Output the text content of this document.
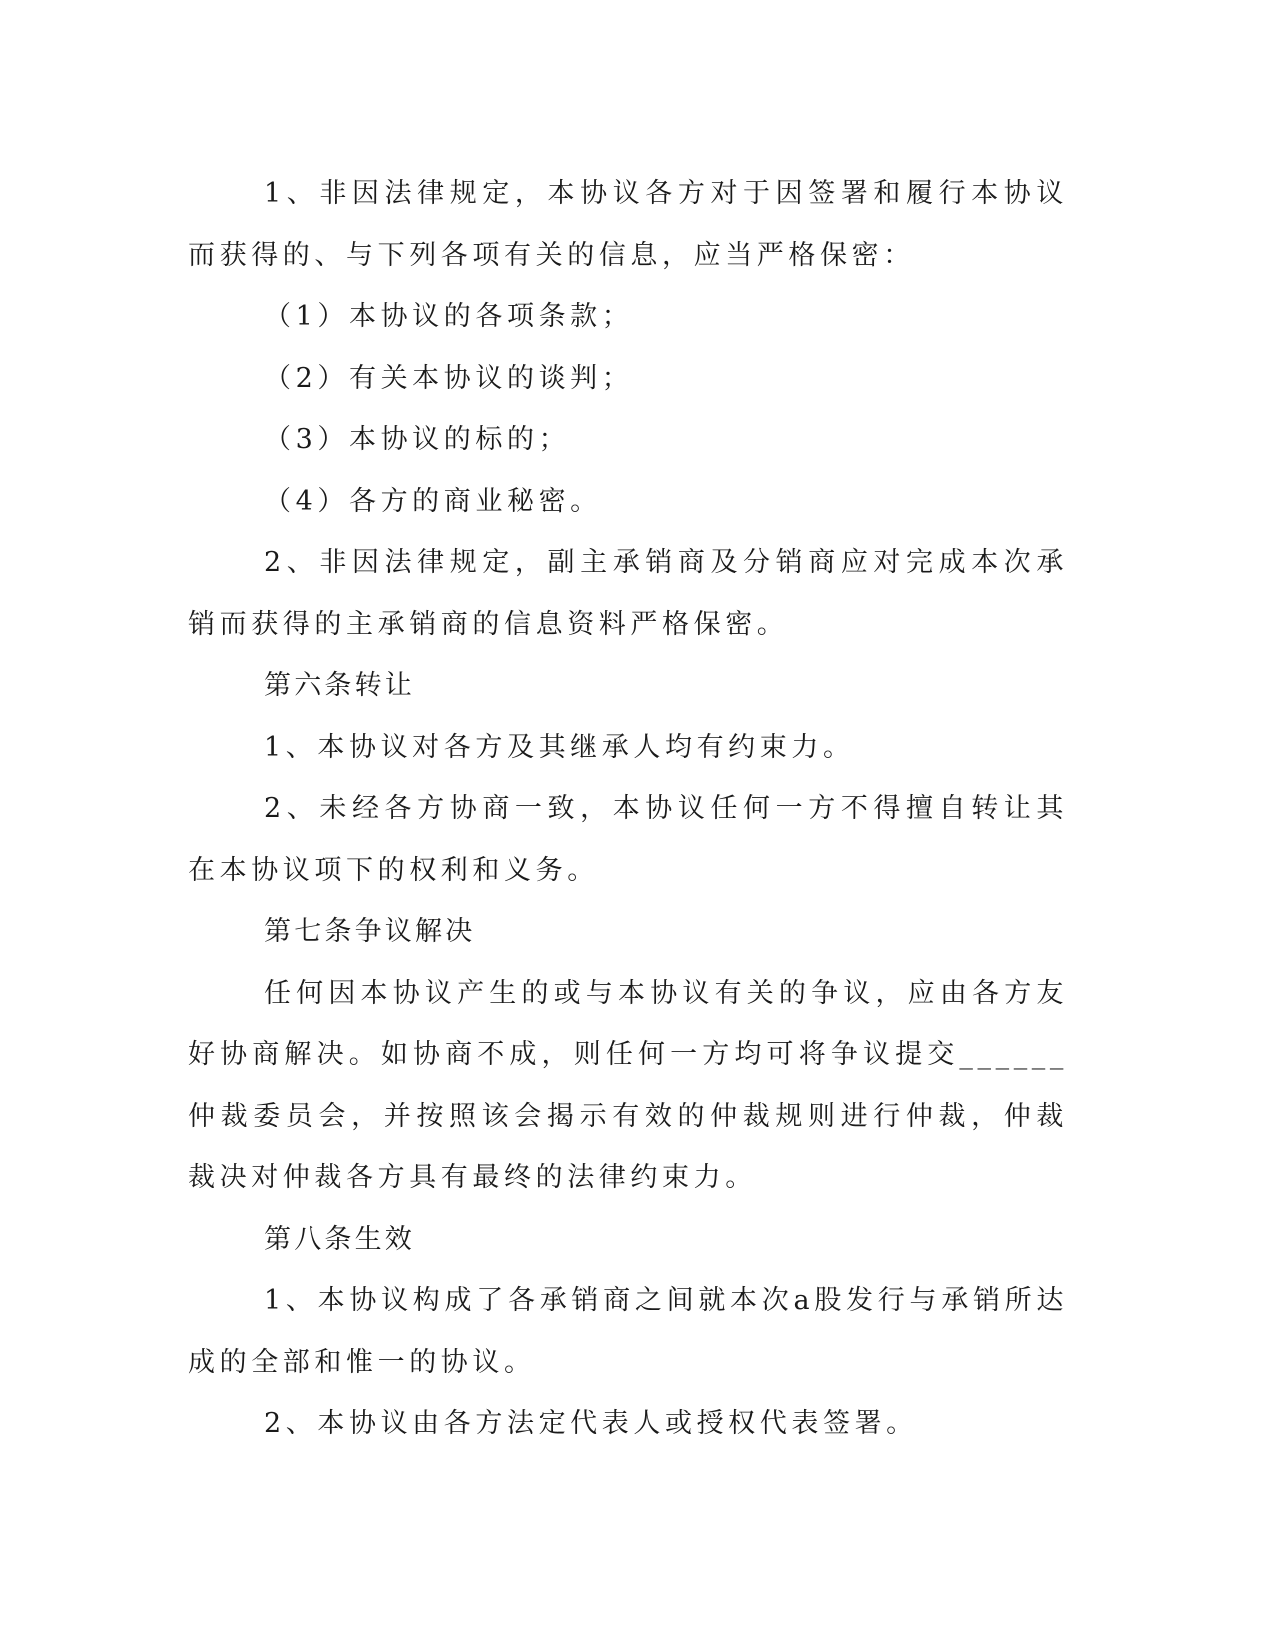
1、非因法律规定，本协议各方对于因签署和履行本协议而获得的、与下列各项有关的信息，应当严格保密：

（1）本协议的各项条款；

（2）有关本协议的谈判；

（3）本协议的标的；

（4）各方的商业秘密。

2、非因法律规定，副主承销商及分销商应对完成本次承销而获得的主承销商的信息资料严格保密。

第六条转让

1、本协议对各方及其继承人均有约束力。

2、未经各方协商一致，本协议任何一方不得擅自转让其在本协议项下的权利和义务。

第七条争议解决

任何因本协议产生的或与本协议有关的争议，应由各方友好协商解决。如协商不成，则任何一方均可将争议提交______仲裁委员会，并按照该会揭示有效的仲裁规则进行仲裁，仲裁裁决对仲裁各方具有最终的法律约束力。

第八条生效

1、本协议构成了各承销商之间就本次a股发行与承销所达成的全部和惟一的协议。

2、本协议由各方法定代表人或授权代表签署。
